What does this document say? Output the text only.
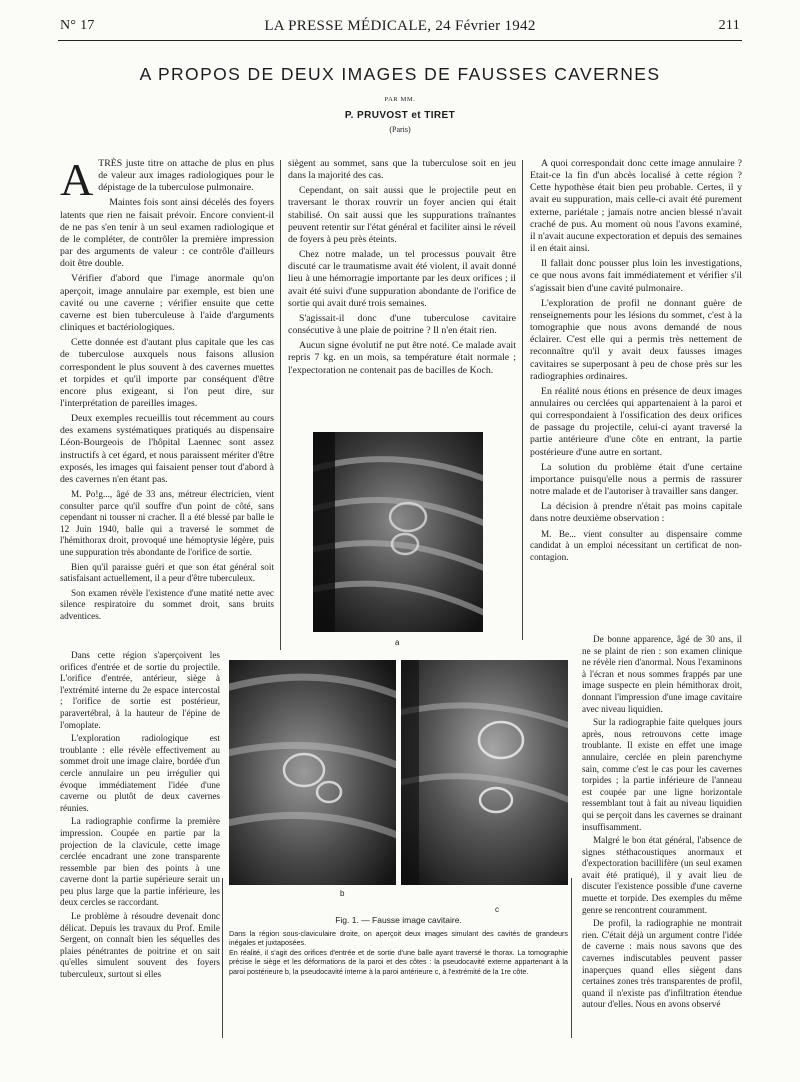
N° 17	LA PRESSE MÉDICALE, 24 Février 1942	211
A PROPOS DE DEUX IMAGES DE FAUSSES CAVERNES
PAR MM.
P. PRUVOST et TIRET
(Paris)

A TRÈS juste titre on attache de plus en plus de valeur aux images radiologiques pour le dépistage de la tuberculose pulmonaire.

Maintes fois sont ainsi décelés des foyers latents que rien ne faisait prévoir. Encore convient-il de ne pas s'en tenir à un seul examen radiologique et de le compléter, de contrôler la première impression par des arguments de valeur : ce contrôle d'ailleurs doit être double.

Vérifier d'abord que l'image anormale qu'on aperçoit, image annulaire par exemple, est bien une cavité ou une caverne ; vérifier ensuite que cette caverne est bien tuberculeuse à l'aide d'arguments cliniques et bactériologiques.

Cette donnée est d'autant plus capitale que les cas de tuberculose auxquels nous faisons allusion correspondent le plus souvent à des cavernes muettes et torpides et qu'il importe par conséquent d'être encore plus exigeant, si l'on peut dire, sur l'interprétation de pareilles images.

Deux exemples recueillis tout récemment au cours des examens systématiques pratiqués au dispensaire Léon-Bourgeois de l'hôpital Laennec sont assez instructifs à cet égard, et nous paraissent mériter d'être exposés, les images qui faisaient penser tout d'abord à des cavernes n'en étant pas.

M. Po!g..., âgé de 33 ans, métreur électricien, vient consulter parce qu'il souffre d'un point de côté, sans cependant ni tousser ni cracher. Il a été blessé par balle le 12 Juin 1940, balle qui a traversé le sommet de l'hémithorax droit, provoqué une hémoptysie légère, puis une suppuration très abondante de l'orifice de sortie.

Bien qu'il paraisse guéri et que son état général soit satisfaisant actuellement, il a peur d'être tuberculeux.

Son examen révèle l'existence d'une matité nette avec silence respiratoire du sommet droit, sans bruits adventices.

Dans cette région s'aperçoivent les orifices d'entrée et de sortie du projectile. L'orifice d'entrée, antérieur, siège à l'extrémité interne du 2e espace intercostal ; l'orifice de sortie est postérieur, paravertébral, à la hauteur de l'épine de l'omoplate.

L'exploration radiologique est troublante : elle révèle effectivement au sommet droit une image claire, bordée d'un cercle annulaire un peu irrégulier qui évoque immédiatement l'idée d'une caverne ou plutôt de deux cavernes réunies.

La radiographie confirme la première impression. Coupée en partie par la projection de la clavicule, cette image cerclée encadrant une zone transparente ressemble par bien des points à une caverne dont la partie supérieure serait un peu plus large que la partie inférieure, les deux cercles se raccordant.

Le problème à résoudre devenait donc délicat. Depuis les travaux du Prof. Emile Sergent, on connaît bien les séquelles des plaies pénétrantes de poitrine et on sait qu'elles simulent souvent des foyers tuberculeux, surtout si elles

siègent au sommet, sans que la tuberculose soit en jeu dans la majorité des cas.

Cependant, on sait aussi que le projectile peut en traversant le thorax rouvrir un foyer ancien qui était stabilisé. On sait aussi que les suppurations traînantes peuvent retentir sur l'état général et faciliter ainsi le réveil de foyers à peu près éteints.

Chez notre malade, un tel processus pouvait être discuté car le traumatisme avait été violent, il avait donné lieu à une hémorragie importante par les deux orifices ; il avait été suivi d'une suppuration abondante de l'orifice de sortie qui avait duré trois semaines.

S'agissait-il donc d'une tuberculose cavitaire consécutive à une plaie de poitrine ? Il n'en était rien.

Aucun signe évolutif ne put être noté. Ce malade avait repris 7 kg. en un mois, sa température était normale ; l'expectoration ne contenait pas de bacilles de Koch.

A quoi correspondait donc cette image annulaire ? Etait-ce la fin d'un abcès localisé à cette région ? Cette hypothèse était bien peu probable. Certes, il y avait eu suppuration, mais celle-ci avait été purement externe, pariétale ; jamais notre ancien blessé n'avait craché de pus. Au moment où nous l'avons examiné, il n'avait aucune expectoration et depuis des semaines il en était ainsi.

Il fallait donc pousser plus loin les investigations, ce que nous avons fait immédiatement et vérifier s'il s'agissait bien d'une cavité pulmonaire.

L'exploration de profil ne donnant guère de renseignements pour les lésions du sommet, c'est à la tomographie que nous avons demandé de nous éclairer. C'est elle qui a permis très nettement de reconnaître qu'il y avait deux fausses images cavitaires se superposant à peu de chose près sur les radiographies ordinaires.

En réalité nous étions en présence de deux images annulaires ou cerclées qui appartenaient à la paroi et qui correspondaient à l'ossification des deux orifices de passage du projectile, celui-ci ayant traversé la partie antérieure d'une côte en entrant, la partie postérieure d'une autre en sortant.

La solution du problème était d'une certaine importance puisqu'elle nous a permis de rassurer notre malade et de l'autoriser à travailler sans danger.

La décision à prendre n'était pas moins capitale dans notre deuxième observation :

M. Be... vient consulter au dispensaire comme candidat à un emploi nécessitant un certificat de non-contagion.

De bonne apparence, âgé de 30 ans, il ne se plaint de rien : son examen clinique ne révèle rien d'anormal. Nous l'examinons à l'écran et nous sommes frappés par une image suspecte en plein hémithorax droit, donnant l'impression d'une image cavitaire avec niveau liquidien.

Sur la radiographie faite quelques jours après, nous retrouvons cette image troublante. Il existe en effet une image annulaire, cerclée en plein parenchyme sain, comme c'est le cas pour les cavernes torpides ; la partie inférieure de l'anneau est coupée par une ligne horizontale ressemblant tout à fait au niveau liquidien qui se perçoit dans les cavernes se drainant insuffisamment.

Malgré le bon état général, l'absence de signes stéthacoustiques anormaux et d'expectoration bacillifère (un seul examen avait été pratiqué), il y avait lieu de discuter l'existence possible d'une caverne muette et torpide. Des exemples du même genre se rencontrent couramment.

De profil, la radiographie ne montrait rien. C'était déjà un argument contre l'idée de caverne : mais nous savons que des cavernes indiscutables peuvent passer inaperçues quand elles siègent dans certaines zones très transparentes de profil, quand il n'existe pas d'infiltration étendue autour d'elles. Nous en avons observé

a
b
c
Fig. 1. — Fausse image cavitaire.
Dans la région sous-claviculaire droite, on aperçoit deux images simulant des cavités de grandeurs inégales et juxtaposées.
En réalité, il s'agit des orifices d'entrée et de sortie d'une balle ayant traversé le thorax. La tomographie précise le siège et les déformations de la paroi et des côtes : la pseudocavité externe appartenant à la paroi postérieure b, la pseudocavité interne à la paroi antérieure c, à l'extrémité de la 1re côte.
